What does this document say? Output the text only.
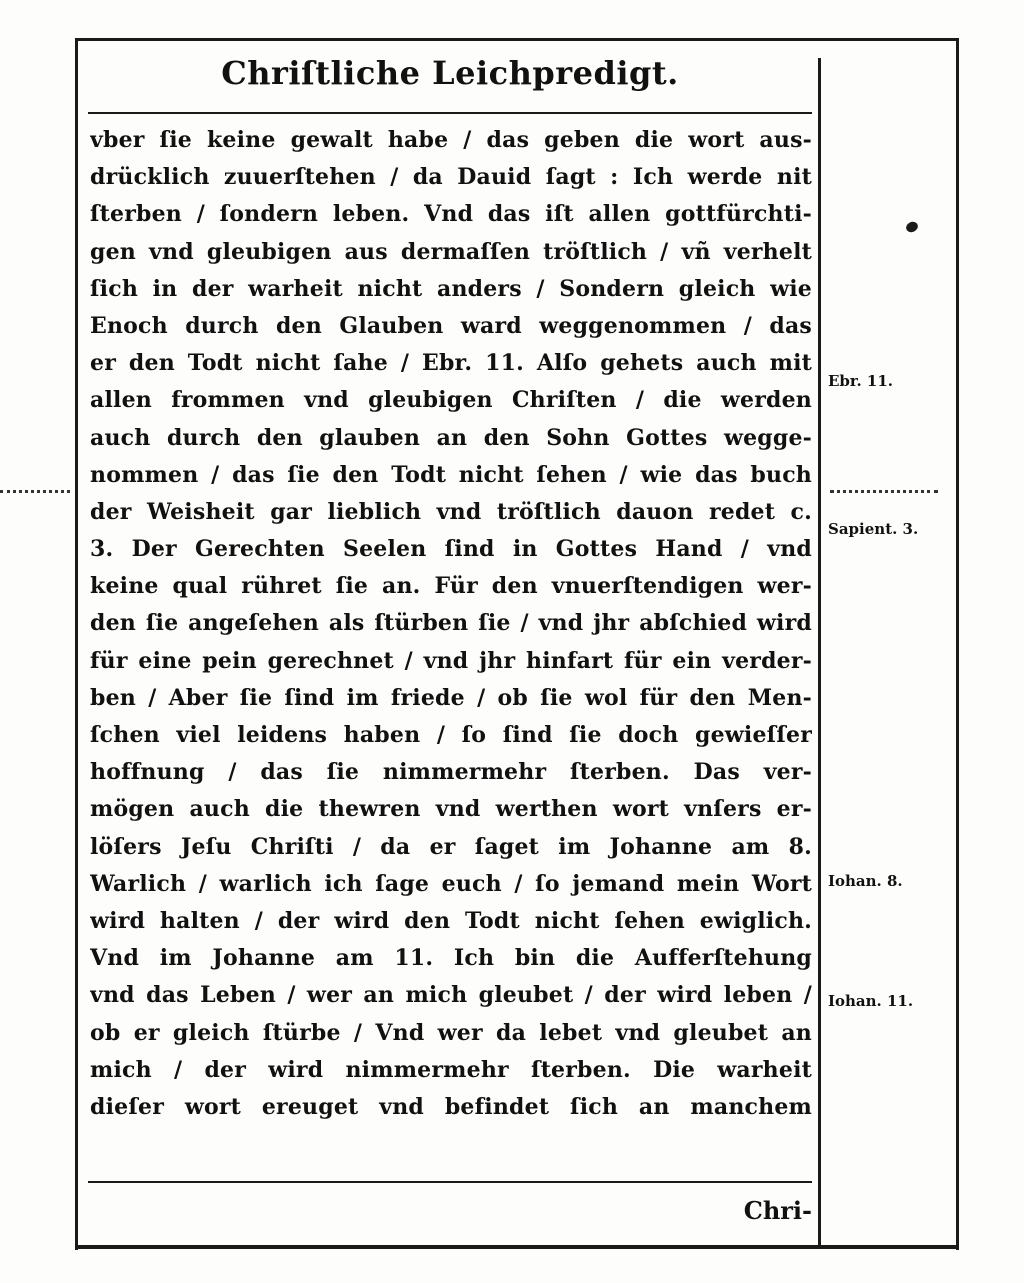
Chriſtliche Leichpredigt.
vber ſie keine gewalt habe / das geben die wort aus-
drücklich zuuerſtehen / da Dauid ſagt : Ich werde nit
ſterben / ſondern leben. Vnd das iſt allen gottfürchti-
gen vnd gleubigen aus dermaſſen tröſtlich / vñ verhelt
ſich in der warheit nicht anders / Sondern gleich wie
Enoch durch den Glauben ward weggenommen / das
er den Todt nicht ſahe / Ebr. 11. Alſo gehets auch mit
allen frommen vnd gleubigen Chriſten / die werden
auch durch den glauben an den Sohn Gottes wegge-
nommen / das ſie den Todt nicht ſehen / wie das buch
der Weisheit gar lieblich vnd tröſtlich dauon redet c.
3. Der Gerechten Seelen ſind in Gottes Hand / vnd
keine qual rühret ſie an. Für den vnuerſtendigen wer-
den ſie angeſehen als ſtürben ſie / vnd jhr abſchied wird
für eine pein gerechnet / vnd jhr hinfart für ein verder-
ben / Aber ſie ſind im friede / ob ſie wol für den Men-
ſchen viel leidens haben / ſo ſind ſie doch gewieſſer
hoffnung / das ſie nimmermehr ſterben. Das ver-
mögen auch die thewren vnd werthen wort vnſers er-
löſers Jeſu Chriſti / da er ſaget im Johanne am 8.
Warlich / warlich ich ſage euch / ſo jemand mein Wort
wird halten / der wird den Todt nicht ſehen ewiglich.
Vnd im Johanne am 11. Ich bin die Aufferſtehung
vnd das Leben / wer an mich gleubet / der wird leben /
ob er gleich ſtürbe / Vnd wer da lebet vnd gleubet an
mich / der wird nimmermehr ſterben. Die warheit
dieſer wort ereuget vnd befindet ſich an manchem
Ebr. 11.
Sapient. 3.
Iohan. 8.
Iohan. 11.
Chri-
